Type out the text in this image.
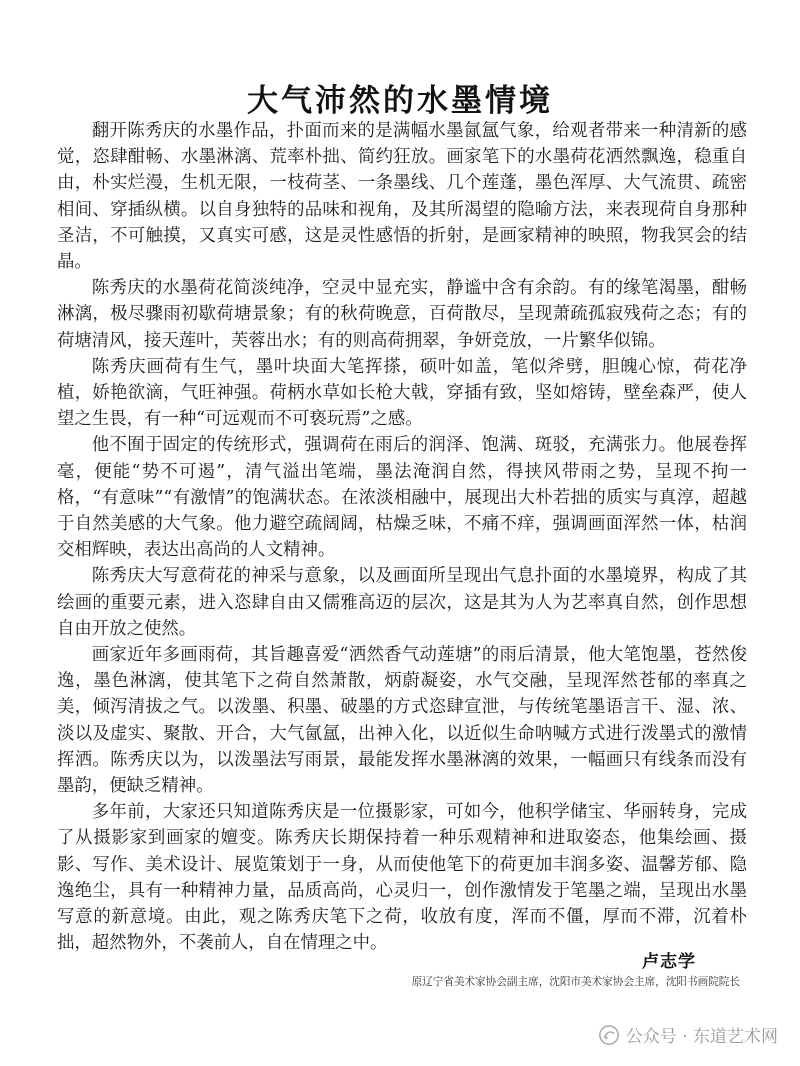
大气沛然的水墨情境

翻开陈秀庆的水墨作品，扑面而来的是满幅水墨氤氲气象，给观者带来一种清新的感觉，恣肆酣畅、水墨淋漓、荒率朴拙、简约狂放。画家笔下的水墨荷花洒然飘逸，稳重自由，朴实烂漫，生机无限，一枝荷茎、一条墨线、几个莲蓬，墨色浑厚、大气流贯、疏密相间、穿插纵横。以自身独特的品味和视角，及其所渴望的隐喻方法，来表现荷自身那种圣洁，不可触摸，又真实可感，这是灵性感悟的折射，是画家精神的映照，物我冥会的结晶。

陈秀庆的水墨荷花简淡纯净，空灵中显充实，静谧中含有余韵。有的缘笔渴墨，酣畅淋漓，极尽骤雨初歇荷塘景象；有的秋荷晚意，百荷散尽，呈现萧疏孤寂残荷之态；有的荷塘清风，接天莲叶，芙蓉出水；有的则高荷拥翠，争妍竞放，一片繁华似锦。

陈秀庆画荷有生气，墨叶块面大笔挥搽，硕叶如盖，笔似斧劈，胆魄心惊，荷花净植，娇艳欲滴，气旺神强。荷柄水草如长枪大戟，穿插有致，坚如熔铸，壁垒森严，使人望之生畏，有一种“可远观而不可亵玩焉”之感。

他不囿于固定的传统形式，强调荷在雨后的润泽、饱满、斑驳，充满张力。他展卷挥毫，便能“势不可遏”，清气溢出笔端，墨法淹润自然，得挟风带雨之势，呈现不拘一格，“有意味”“有激情”的饱满状态。在浓淡相融中，展现出大朴若拙的质实与真淳，超越于自然美感的大气象。他力避空疏阔阔，枯燥乏味，不痛不痒，强调画面浑然一体，枯润交相辉映，表达出高尚的人文精神。

陈秀庆大写意荷花的神采与意象，以及画面所呈现出气息扑面的水墨境界，构成了其绘画的重要元素，进入恣肆自由又儒雅高迈的层次，这是其为人为艺率真自然，创作思想自由开放之使然。

画家近年多画雨荷，其旨趣喜爱“洒然香气动莲塘”的雨后清景，他大笔饱墨，苍然俊逸，墨色淋漓，使其笔下之荷自然萧散，炳蔚凝姿，水气交融，呈现浑然苍郁的率真之美，倾泻清拔之气。以泼墨、积墨、破墨的方式恣肆宣泄，与传统笔墨语言干、湿、浓、淡以及虚实、聚散、开合，大气氤氲，出神入化，以近似生命呐喊方式进行泼墨式的激情挥洒。陈秀庆以为，以泼墨法写雨景，最能发挥水墨淋漓的效果，一幅画只有线条而没有墨韵，便缺乏精神。

多年前，大家还只知道陈秀庆是一位摄影家，可如今，他积学储宝、华丽转身，完成了从摄影家到画家的嬗变。陈秀庆长期保持着一种乐观精神和进取姿态，他集绘画、摄影、写作、美术设计、展览策划于一身，从而使他笔下的荷更加丰润多姿、温馨芳郁、隐逸绝尘，具有一种精神力量，品质高尚，心灵归一，创作激情发于笔墨之端，呈现出水墨写意的新意境。由此，观之陈秀庆笔下之荷，收放有度，浑而不僵，厚而不滞，沉着朴拙，超然物外，不袭前人，自在情理之中。

卢志学
原辽宁省美术家协会副主席，沈阳市美术家协会主席，沈阳书画院院长
公众号 · 东道艺术网
